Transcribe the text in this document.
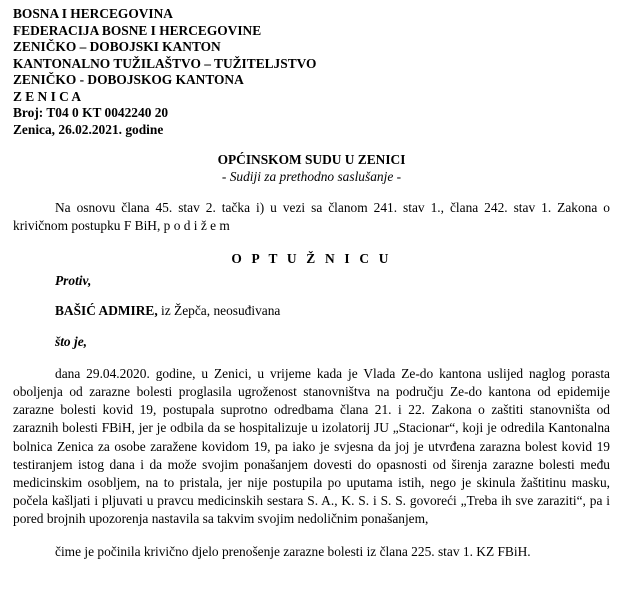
BOSNA I HERCEGOVINA
FEDERACIJA BOSNE I HERCEGOVINE
ZENIČKO – DOBOJSKI KANTON
KANTONALNO TUŽILAŠTVO – TUŽITELJSTVO
ZENIČKO - DOBOJSKOG KANTONA
Z E N I C A
Broj: T04 0 KT 0042240 20
Zenica, 26.02.2021. godine
OPĆINSKOM SUDU U ZENICI
- Sudiji za prethodno saslušanje -
Na osnovu člana 45. stav 2. tačka i) u vezi sa članom 241. stav 1., člana 242. stav 1. Zakona o krivičnom postupku F BiH, p o d i ž e m
O P T U Ž N I C U
Protiv,
BAŠIĆ ADMIRE, iz Žepča, neosuđivana
što je,
dana 29.04.2020. godine, u Zenici, u vrijeme kada je Vlada Ze-do kantona uslijed naglog porasta oboljenja od zarazne bolesti proglasila ugroženost stanovništva na području Ze-do kantona od epidemije zarazne bolesti kovid 19, postupala suprotno odredbama člana 21. i 22. Zakona o zaštiti stanovništa od zaraznih bolesti FBiH, jer je odbila da se hospitalizuje u izolatorij JU „Stacionar“, koji je odredila Kantonalna bolnica Zenica za osobe zaražene kovidom 19, pa iako je svjesna da joj je utvrđena zarazna bolest kovid 19 testiranjem istog dana i da može svojim ponašanjem dovesti do opasnosti od širenja zarazne bolesti među medicinskim osobljem, na to pristala, jer nije postupila po uputama istih, nego je skinula žaštitinu masku, počela kašljati i pljuvati u pravcu medicinskih sestara S. A., K. S. i S. S. govoreći „Treba ih sve zaraziti“, pa i pored brojnih upozorenja nastavila sa takvim svojim nedoličnim ponašanjem,
čime je počinila krivično djelo prenošenje zarazne bolesti iz člana 225. stav 1. KZ FBiH.
